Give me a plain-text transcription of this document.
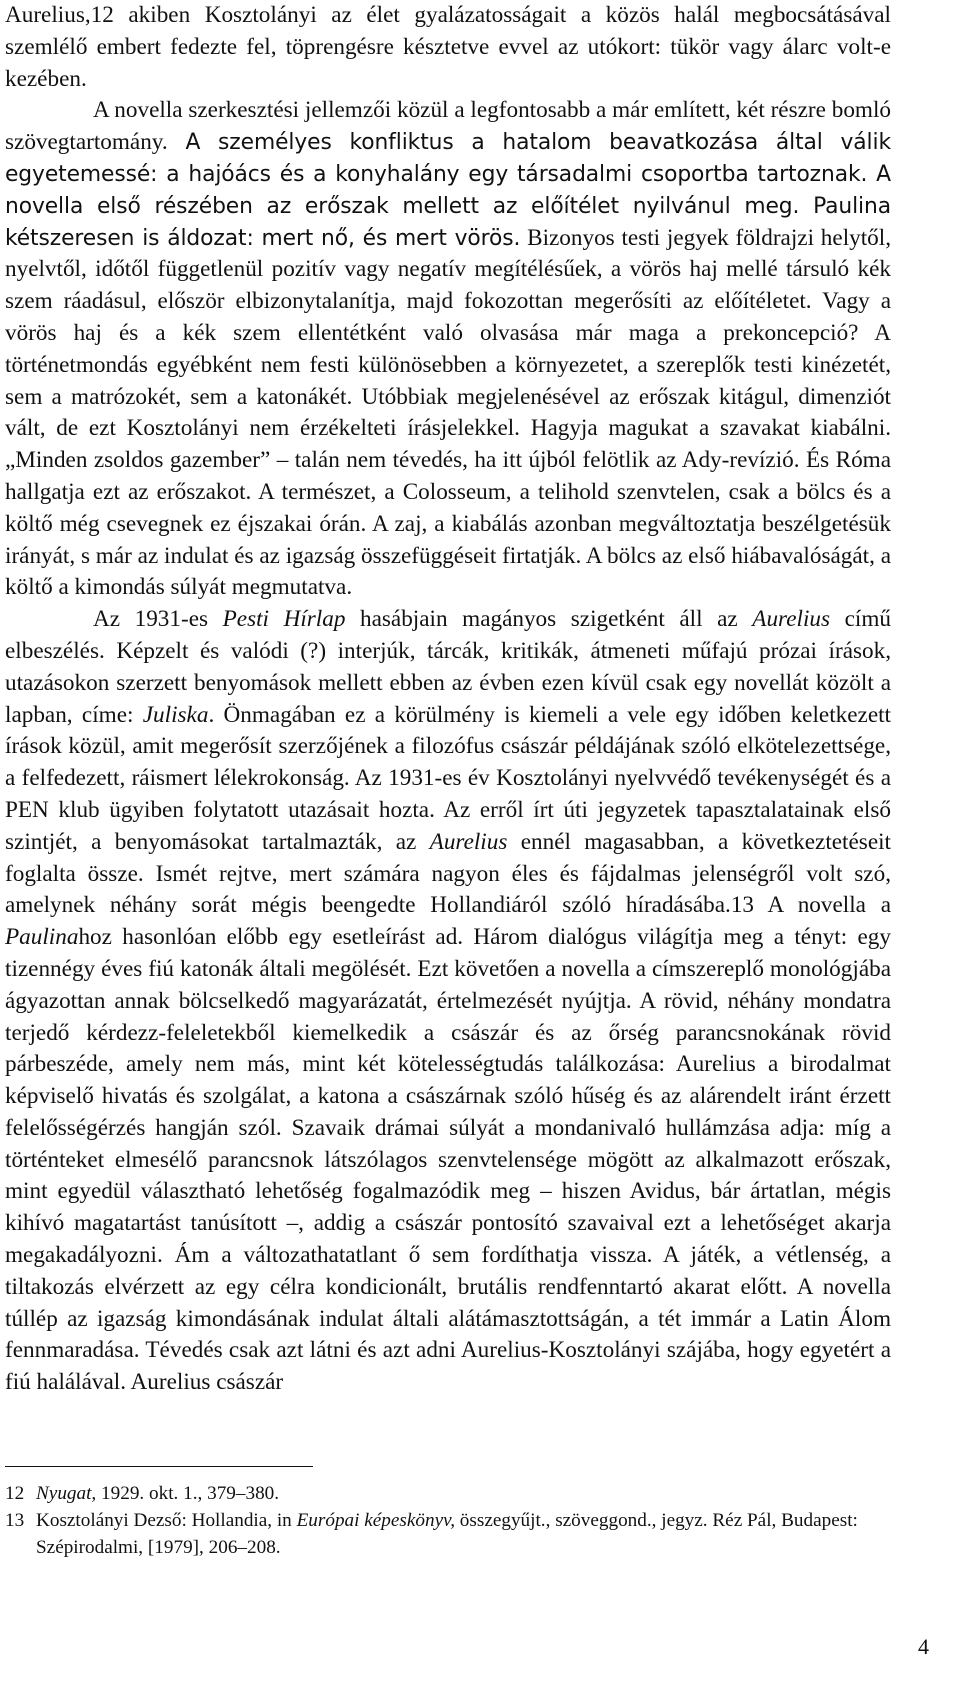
Aurelius,12 akiben Kosztolányi az élet gyalázatosságait a közös halál megbocsátásával szemlélő embert fedezte fel, töprengésre késztetve evvel az utókort: tükör vagy álarc volt-e kezében.

A novella szerkesztési jellemzői közül a legfontosabb a már említett, két részre bomló szövegtartomány. A személyes konfliktus a hatalom beavatkozása által válik egyetemessé: a hajóács és a konyhalány egy társadalmi csoportba tartoznak. A novella első részében az erőszak mellett az előítélet nyilvánul meg. Paulina kétszeresen is áldozat: mert nő, és mert vörös. Bizonyos testi jegyek földrajzi helytől, nyelvtől, időtől függetlenül pozitív vagy negatív megítélésűek, a vörös haj mellé társuló kék szem ráadásul, először elbizonytalanítja, majd fokozottan megerősíti az előítéletet. Vagy a vörös haj és a kék szem ellentétként való olvasása már maga a prekoncepció? A történetmondás egyébként nem festi különösebben a környezetet, a szereplők testi kinézetét, sem a matrózokét, sem a katonákét. Utóbbiak megjelenésével az erőszak kitágul, dimenziót vált, de ezt Kosztolányi nem érzékelteti írásjelekkel. Hagyja magukat a szavakat kiabálni. „Minden zsoldos gazember” – talán nem tévedés, ha itt újból felötlik az Ady-revízió. És Róma hallgatja ezt az erőszakot. A természet, a Colosseum, a telihold szenvtelen, csak a bölcs és a költő még csevegnek ez éjszakai órán. A zaj, a kiabálás azonban megváltoztatja beszélgetésük irányát, s már az indulat és az igazság összefüggéseit firtatják. A bölcs az első hiábavalóságát, a költő a kimondás súlyát megmutatva.

Az 1931-es Pesti Hírlap hasábjain magányos szigetként áll az Aurelius című elbeszélés. Képzelt és valódi (?) interjúk, tárcák, kritikák, átmeneti műfajú prózai írások, utazásokon szerzett benyomások mellett ebben az évben ezen kívül csak egy novellát közölt a lapban, címe: Juliska. Önmagában ez a körülmény is kiemeli a vele egy időben keletkezett írások közül, amit megerősít szerzőjének a filozófus császár példájának szóló elkötelezettsége, a felfedezett, ráismert lélekrokonság. Az 1931-es év Kosztolányi nyelvvédő tevékenységét és a PEN klub ügyiben folytatott utazásait hozta. Az erről írt úti jegyzetek tapasztalatainak első szintjét, a benyomásokat tartalmazták, az Aurelius ennél magasabban, a következtetéseit foglalta össze. Ismét rejtve, mert számára nagyon éles és fájdalmas jelenségről volt szó, amelynek néhány sorát mégis beengedte Hollandiáról szóló híradásába.13 A novella a Paulinahoz hasonlóan előbb egy esetleírást ad. Három dialógus világítja meg a tényt: egy tizennégy éves fiú katonák általi megölését. Ezt követően a novella a címszereplő monológjába ágyazottan annak bölcselkedő magyarázatát, értelmezését nyújtja. A rövid, néhány mondatra terjedő kérdezz-feleletekből kiemelkedik a császár és az őrség parancsnokának rövid párbeszéde, amely nem más, mint két kötelességtudás találkozása: Aurelius a birodalmat képviselő hivatás és szolgálat, a katona a császárnak szóló hűség és az alárendelt iránt érzett felelősségérzés hangján szól. Szavaik drámai súlyát a mondanivaló hullámzása adja: míg a történteket elmesélő parancsnok látszólagos szenvtelensége mögött az alkalmazott erőszak, mint egyedül választható lehetőség fogalmazódik meg – hiszen Avidus, bár ártatlan, mégis kihívó magatartást tanúsított –, addig a császár pontosító szavaival ezt a lehetőséget akarja megakadályozni. Ám a változathatatlant ő sem fordíthatja vissza. A játék, a vétlenség, a tiltakozás elvérzett az egy célra kondicionált, brutális rendfenntartó akarat előtt. A novella túllép az igazság kimondásának indulat általi alátámasztottságán, a tét immár a Latin Álom fennmaradása. Tévedés csak azt látni és azt adni Aurelius-Kosztolányi szájába, hogy egyetért a fiú halálával. Aurelius császár

12 Nyugat, 1929. okt. 1., 379–380.
13 Kosztolányi Dezső: Hollandia, in Európai képeskönyv, összegyűjt., szöveggond., jegyz. Réz Pál, Budapest: Szépirodalmi, [1979], 206–208.
4
